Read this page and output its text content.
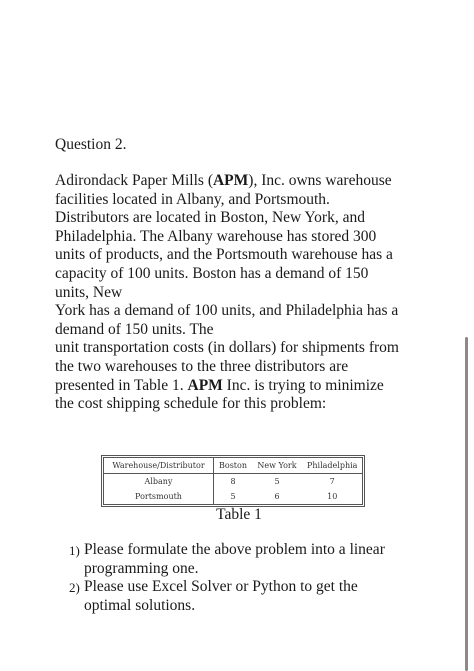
Question 2.
Adirondack Paper Mills (APM), Inc. owns warehouse
facilities located in Albany, and Portsmouth.
Distributors are located in Boston, New York, and
Philadelphia. The Albany warehouse has stored 300
units of products, and the Portsmouth warehouse has a
capacity of 100 units. Boston has a demand of 150
units, New
York has a demand of 100 units, and Philadelphia has a
demand of 150 units. The
unit transportation costs (in dollars) for shipments from
the two warehouses to the three distributors are
presented in Table 1. APM Inc. is trying to minimize
the cost shipping schedule for this problem:
Warehouse/Distributor	Boston	New York	Philadelphia
Albany	8	5	7
Portsmouth	5	6	10
Table 1
1) Please formulate the above problem into a linear
programming one.
2) Please use Excel Solver or Python to get the
optimal solutions.
